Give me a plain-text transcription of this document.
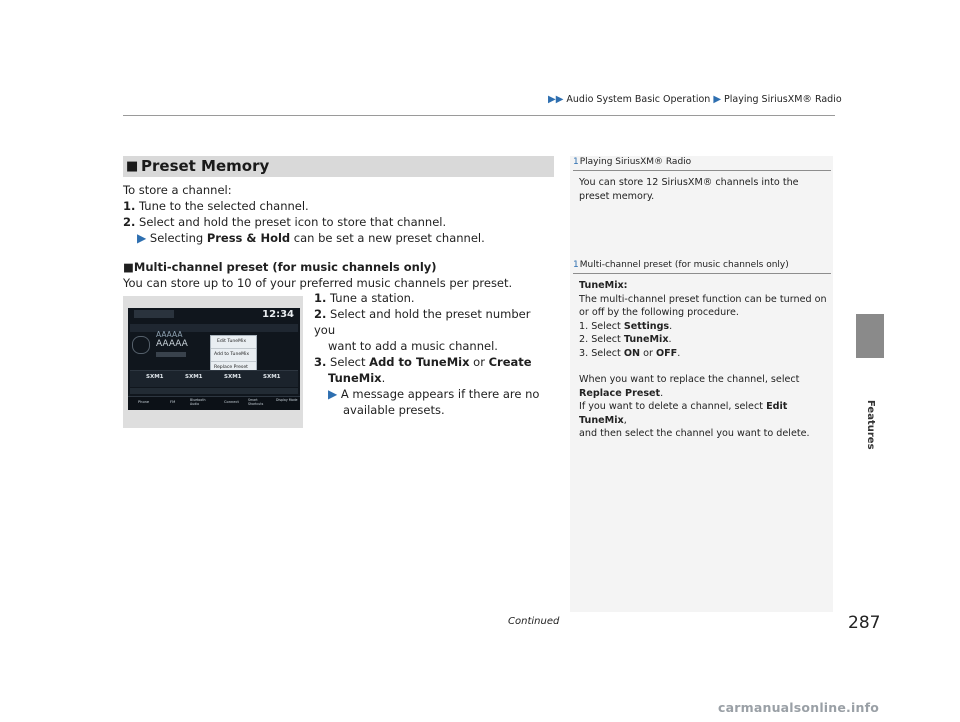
▶▶ Audio System Basic Operation ▶ Playing SiriusXM® Radio
Features
■ Preset Memory
To store a channel:
1. Tune to the selected channel.
2. Select and hold the preset icon to store that channel.
▶ Selecting Press & Hold can be set a new preset channel.
■Multi-channel preset (for music channels only)
You can store up to 10 of your preferred music channels per preset.
1. Tune a station.
2. Select and hold the preset number you
want to add a music channel.
3. Select Add to TuneMix or Create
TuneMix.
▶ A message appears if there are no
available presets.
12:34
AAAAA
AAAAA	Edit TuneMix
Add to TuneMix
Replace Preset
SXM1	SXM1	SXM1	SXM1
Phone	FM	Bluetooth Audio	Connect	Smart Shortcuts
Display Mode
1Playing SiriusXM® Radio
You can store 12 SiriusXM® channels into the preset memory.
1Multi-channel preset (for music channels only)
TuneMix:
The multi-channel preset function can be turned on
or off by the following procedure.
1. Select Settings.
2. Select TuneMix.
3. Select ON or OFF.
When you want to replace the channel, select
Replace Preset.
If you want to delete a channel, select Edit TuneMix,
and then select the channel you want to delete.
Continued	287
carmanualsonline.info
